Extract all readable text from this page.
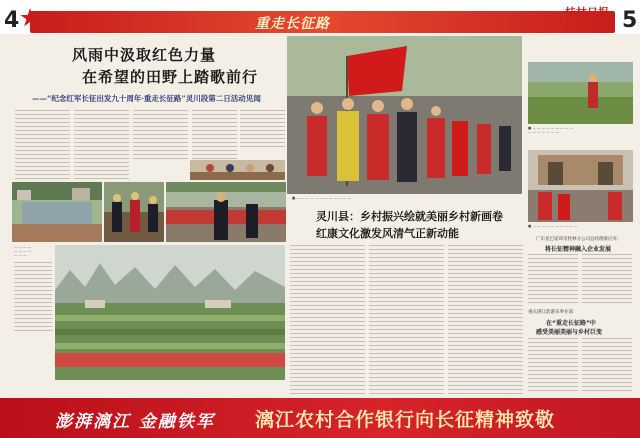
4	5
重走长征路
桂林日报
风雨中汲取红色力量
在希望的田野上踏歌前行
——“纪念红军长征出发九十周年·重走长征路”灵川段第二日活动见闻
— — — —
— — — —
— — —
■ — — — — — — — — — — — —
灵川县：乡村振兴绘就美丽乡村新画卷
红康文化激发风清气正新动能
■ — — — — — — — — —
— — — — — — —
■ — — — — — — — — — —
广东星巴姿谛帝桂林分公司总经理蔡应亮：
将长征精神融入企业发展
重庆满江韵游乐事业部：
在“重走长征路”中
感受美丽美丽与乡村巨变
澎湃漓江 金融铁军 漓江农村合作银行向长征精神致敬
